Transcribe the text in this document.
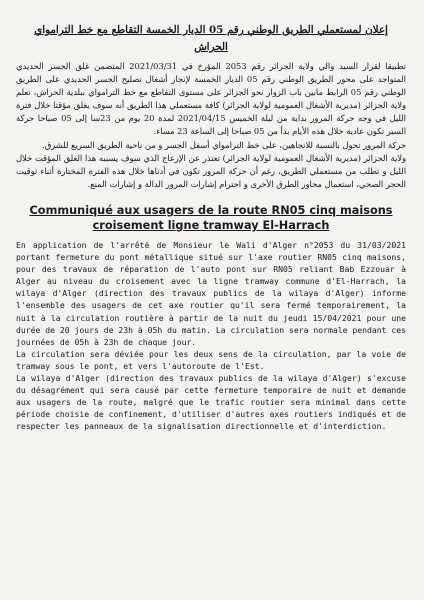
إعلان لمستعملي الطريق الوطني رقم 05 الديار الخمسة التقاطع مع خط الترامواي الحراش

تطبيقا لقرار السيد والي ولاية الجزائر رقم 2053 المؤرخ في 2021/03/31 المتضمن غلق الجسر الحديدي المتواجد على محور الطريق الوطني رقم 05 الديار الخمسة لإنجاز أشغال تصليح الجسر الحديدي على الطريق الوطني رقم 05 الرابط مابين باب الزوار نحو الجزائر على مستوى التقاطع مع خط الترامواي ببلدية الحراش، تعلم ولاية الجزائر (مديرية الأشغال العمومية لولاية الجزائر) كافة مستعملي هذا الطريق أنه سوف يغلق مؤقتا خلال فترة الليل في وجه حركة المرور بداية من ليلة الخميس 2021/04/15 لمدة 20 يوم من 23سا إلى 05 صباحا حركة السير تكون عادية خلال هذه الأيام بدأ من 05 صباحا إلى الساعة 23 مساء.

حركة المرور تحول بالنسبة للاتجاهين، على خط الترامواي أسفل الجسر و من ناحية الطريق السريع للشرق.

ولاية الجزائر (مديرية الأشغال العمومية لولاية الجزائر) تعتذر عن الإزعاج الذي سوف يسببه هذا الغلق المؤقت خلال الليل و تطلب من مستعملي الطريق، رغم أن حركة المرور تكون في أدناها خلال هذه الفترة المختارة أثناء توقيت الحجر الصحي، استعمال محاور الطرق الأخرى و احترام إشارات المرور الدالة و إشارات المنع.

Communiqué aux usagers de la route RN05 cinq maisons croisement ligne tramway El-Harrach

En application de l'arrêté de Monsieur le Wali d'Alger n°2053 du 31/03/2021 portant fermeture du pont métallique situé sur l'axe routier RN05 cinq maisons, pour des travaux de réparation de l'auto pont sur RN05 reliant Bab Ezzouar à Alger au niveau du croisement avec la ligne tramway commune d'El-Harrach, la wilaya d'Alger (direction des travaux publics de la wilaya d'Alger) informe l'ensemble des usagers de cet axe routier qu'il sera fermé temporairement, la nuit à la circulation routière à partir de la nuit du jeudi 15/04/2021 pour une durée de 20 jours de 23h à 05h du matin. La circulation sera normale pendant ces journées de 05h à 23h de chaque jour.

La circulation sera déviée pour les deux sens de la circulation, par la voie de tramway sous le pont, et vers l'autoroute de l'Est.

La wilaya d'Alger (direction des travaux publics de la wilaya d'Alger) s'excuse du désagrément qui sera causé par cette fermeture temporaire de nuit et demande aux usagers de la route, malgré que le trafic routier sera minimal dans cette période choisie de confinement, d'utiliser d'autres axes routiers indiqués et de respecter les panneaux de la signalisation directionnelle et d'interdiction.
